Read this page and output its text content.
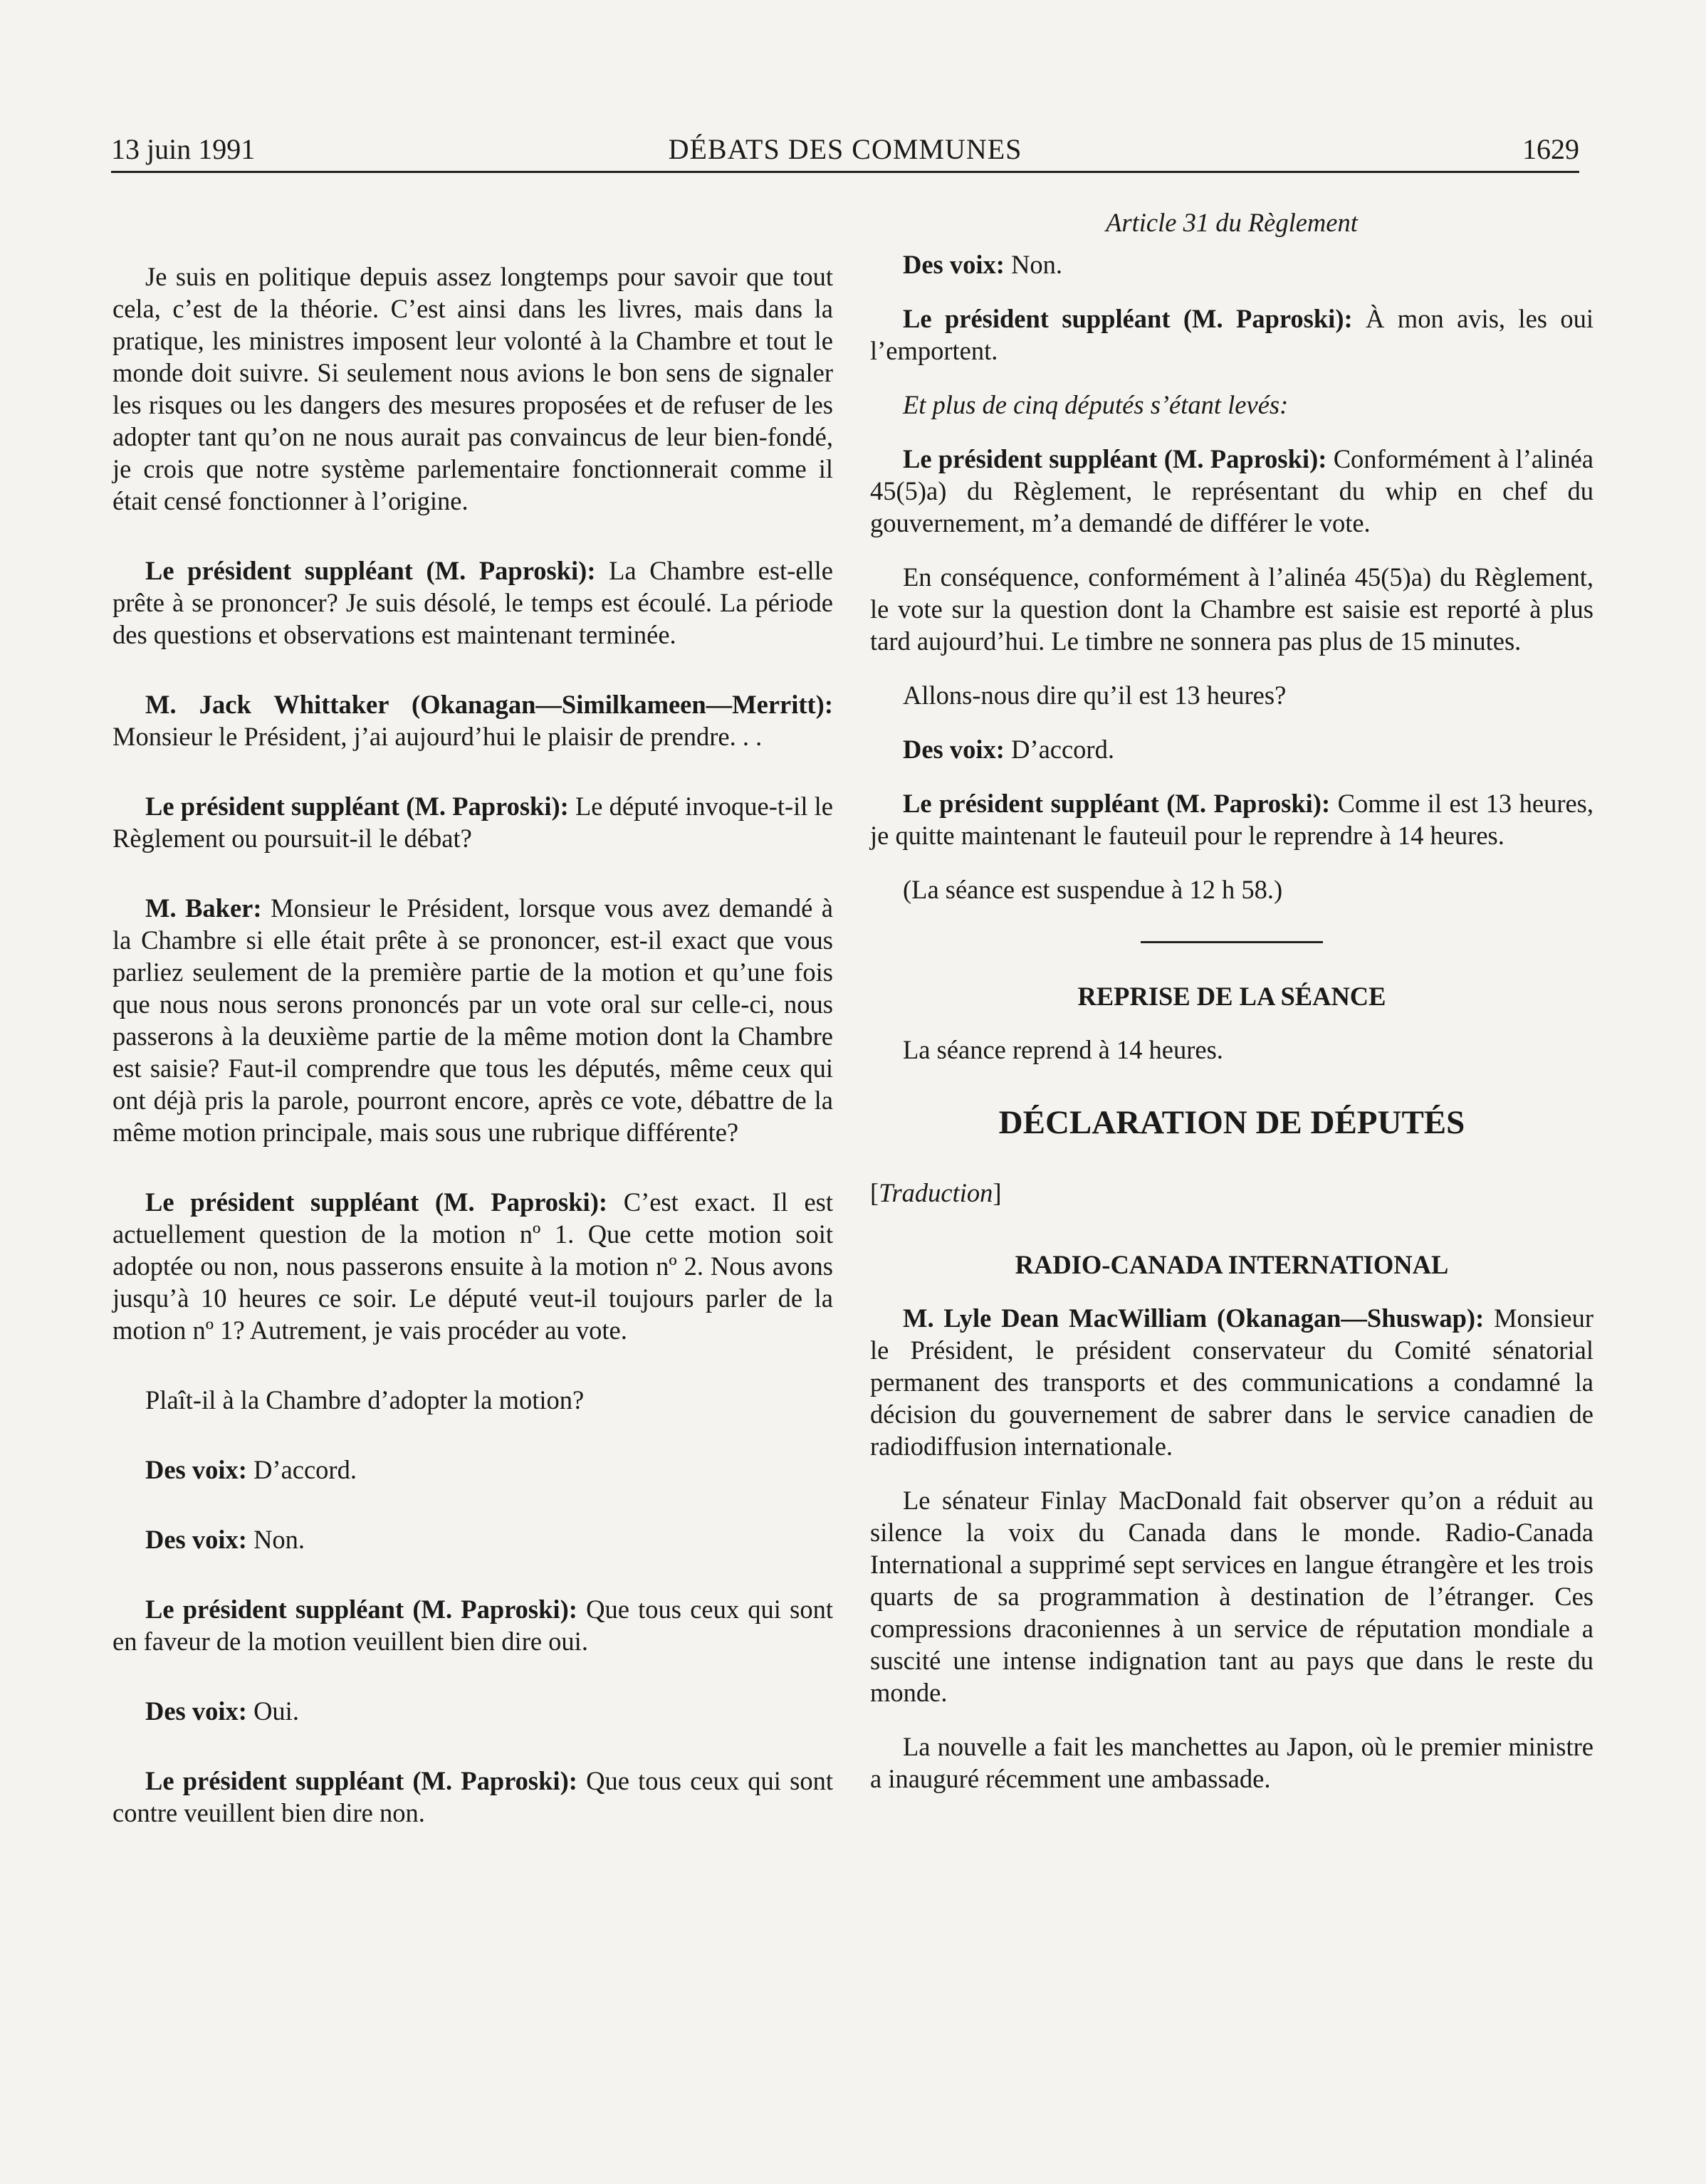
13 juin 1991	DÉBATS DES COMMUNES	1629

Je suis en politique depuis assez longtemps pour savoir que tout cela, c’est de la théorie. C’est ainsi dans les livres, mais dans la pratique, les ministres imposent leur volonté à la Chambre et tout le monde doit suivre. Si seulement nous avions le bon sens de signaler les risques ou les dangers des mesures proposées et de refuser de les adopter tant qu’on ne nous aurait pas convaincus de leur bien-fondé, je crois que notre système parlementaire fonctionnerait comme il était censé fonctionner à l’origine.

Le président suppléant (M. Paproski): La Chambre est-elle prête à se prononcer? Je suis désolé, le temps est écoulé. La période des questions et observations est maintenant terminée.

M. Jack Whittaker (Okanagan—Similkameen—Merritt): Monsieur le Président, j’ai aujourd’hui le plaisir de prendre. . .

Le président suppléant (M. Paproski): Le député invoque-t-il le Règlement ou poursuit-il le débat?

M. Baker: Monsieur le Président, lorsque vous avez demandé à la Chambre si elle était prête à se prononcer, est-il exact que vous parliez seulement de la première partie de la motion et qu’une fois que nous nous serons prononcés par un vote oral sur celle-ci, nous passerons à la deuxième partie de la même motion dont la Chambre est saisie? Faut-il comprendre que tous les députés, même ceux qui ont déjà pris la parole, pourront encore, après ce vote, débattre de la même motion principale, mais sous une rubrique différente?

Le président suppléant (M. Paproski): C’est exact. Il est actuellement question de la motion nº 1. Que cette motion soit adoptée ou non, nous passerons ensuite à la motion nº 2. Nous avons jusqu’à 10 heures ce soir. Le député veut-il toujours parler de la motion nº 1? Autrement, je vais procéder au vote.

Plaît-il à la Chambre d’adopter la motion?

Des voix: D’accord.

Des voix: Non.

Le président suppléant (M. Paproski): Que tous ceux qui sont en faveur de la motion veuillent bien dire oui.

Des voix: Oui.

Le président suppléant (M. Paproski): Que tous ceux qui sont contre veuillent bien dire non.

Article 31 du Règlement

Des voix: Non.

Le président suppléant (M. Paproski): À mon avis, les oui l’emportent.

Et plus de cinq députés s’étant levés:

Le président suppléant (M. Paproski): Conformément à l’alinéa 45(5)a) du Règlement, le représentant du whip en chef du gouvernement, m’a demandé de différer le vote.

En conséquence, conformément à l’alinéa 45(5)a) du Règlement, le vote sur la question dont la Chambre est saisie est reporté à plus tard aujourd’hui. Le timbre ne sonnera pas plus de 15 minutes.

Allons-nous dire qu’il est 13 heures?

Des voix: D’accord.

Le président suppléant (M. Paproski): Comme il est 13 heures, je quitte maintenant le fauteuil pour le reprendre à 14 heures.

(La séance est suspendue à 12 h 58.)

REPRISE DE LA SÉANCE

La séance reprend à 14 heures.

DÉCLARATION DE DÉPUTÉS

[Traduction]

RADIO-CANADA INTERNATIONAL

M. Lyle Dean MacWilliam (Okanagan—Shuswap): Monsieur le Président, le président conservateur du Comité sénatorial permanent des transports et des communications a condamné la décision du gouvernement de sabrer dans le service canadien de radiodiffusion internationale.

Le sénateur Finlay MacDonald fait observer qu’on a réduit au silence la voix du Canada dans le monde. Radio-Canada International a supprimé sept services en langue étrangère et les trois quarts de sa programmation à destination de l’étranger. Ces compressions draconiennes à un service de réputation mondiale a suscité une intense indignation tant au pays que dans le reste du monde.

La nouvelle a fait les manchettes au Japon, où le premier ministre a inauguré récemment une ambassade.
